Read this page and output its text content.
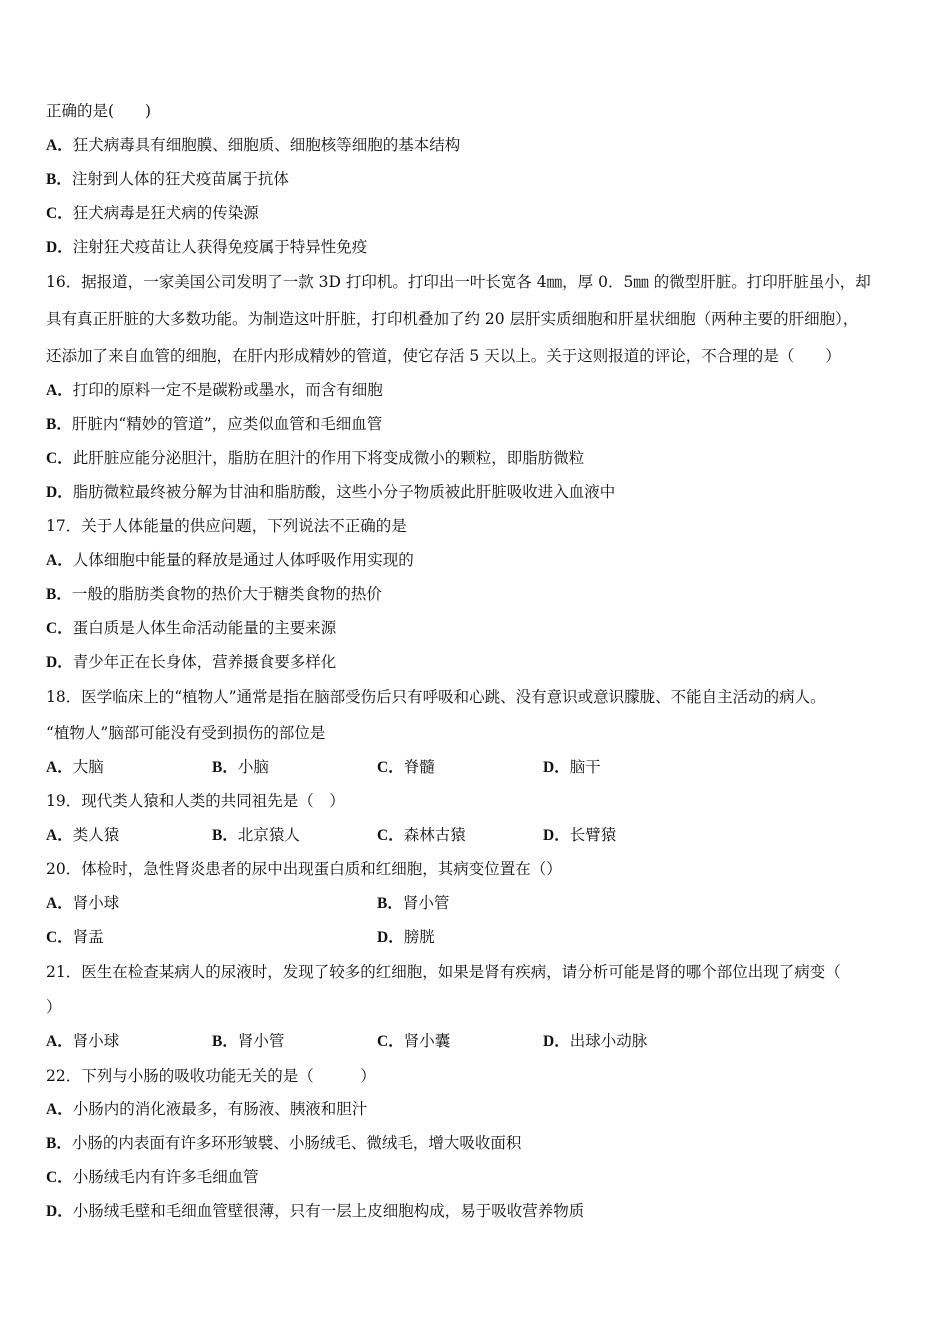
正确的是(　　)
A．狂犬病毒具有细胞膜、细胞质、细胞核等细胞的基本结构
B．注射到人体的狂犬疫苗属于抗体
C．狂犬病毒是狂犬病的传染源
D．注射狂犬疫苗让人获得免疫属于特异性免疫
16．据报道，一家美国公司发明了一款 3D 打印机。打印出一叶长宽各 4㎜，厚 0．5㎜ 的微型肝脏。打印肝脏虽小，却
具有真正肝脏的大多数功能。为制造这叶肝脏，打印机叠加了约 20 层肝实质细胞和肝星状细胞（两种主要的肝细胞），
还添加了来自血管的细胞，在肝内形成精妙的管道，使它存活 5 天以上。关于这则报道的评论，不合理的是（　　）
A．打印的原料一定不是碳粉或墨水，而含有细胞
B．肝脏内“精妙的管道”，应类似血管和毛细血管
C．此肝脏应能分泌胆汁，脂肪在胆汁的作用下将变成微小的颗粒，即脂肪微粒
D．脂肪微粒最终被分解为甘油和脂肪酸，这些小分子物质被此肝脏吸收进入血液中
17．关于人体能量的供应问题，下列说法不正确的是
A．人体细胞中能量的释放是通过人体呼吸作用实现的
B．一般的脂肪类食物的热价大于糖类食物的热价
C．蛋白质是人体生命活动能量的主要来源
D．青少年正在长身体，营养摄食要多样化
18．医学临床上的“植物人”通常是指在脑部受伤后只有呼吸和心跳、没有意识或意识朦胧、不能自主活动的病人。
“植物人”脑部可能没有受到损伤的部位是
A．大脑	B．小脑	C．脊髓	D．脑干
19．现代类人猿和人类的共同祖先是（　）
A．类人猿	B．北京猿人	C．森林古猿	D．长臂猿
20．体检时，急性肾炎患者的尿中出现蛋白质和红细胞，其病变位置在（）
A．肾小球	B．肾小管
C．肾盂	D．膀胱
21．医生在检查某病人的尿液时，发现了较多的红细胞，如果是肾有疾病，请分析可能是肾的哪个部位出现了病变（
）
A．肾小球	B．肾小管	C．肾小囊	D．出球小动脉
22．下列与小肠的吸收功能无关的是（　　　）
A．小肠内的消化液最多，有肠液、胰液和胆汁
B．小肠的内表面有许多环形皱襞、小肠绒毛、微绒毛，增大吸收面积
C．小肠绒毛内有许多毛细血管
D．小肠绒毛壁和毛细血管壁很薄，只有一层上皮细胞构成，易于吸收营养物质
